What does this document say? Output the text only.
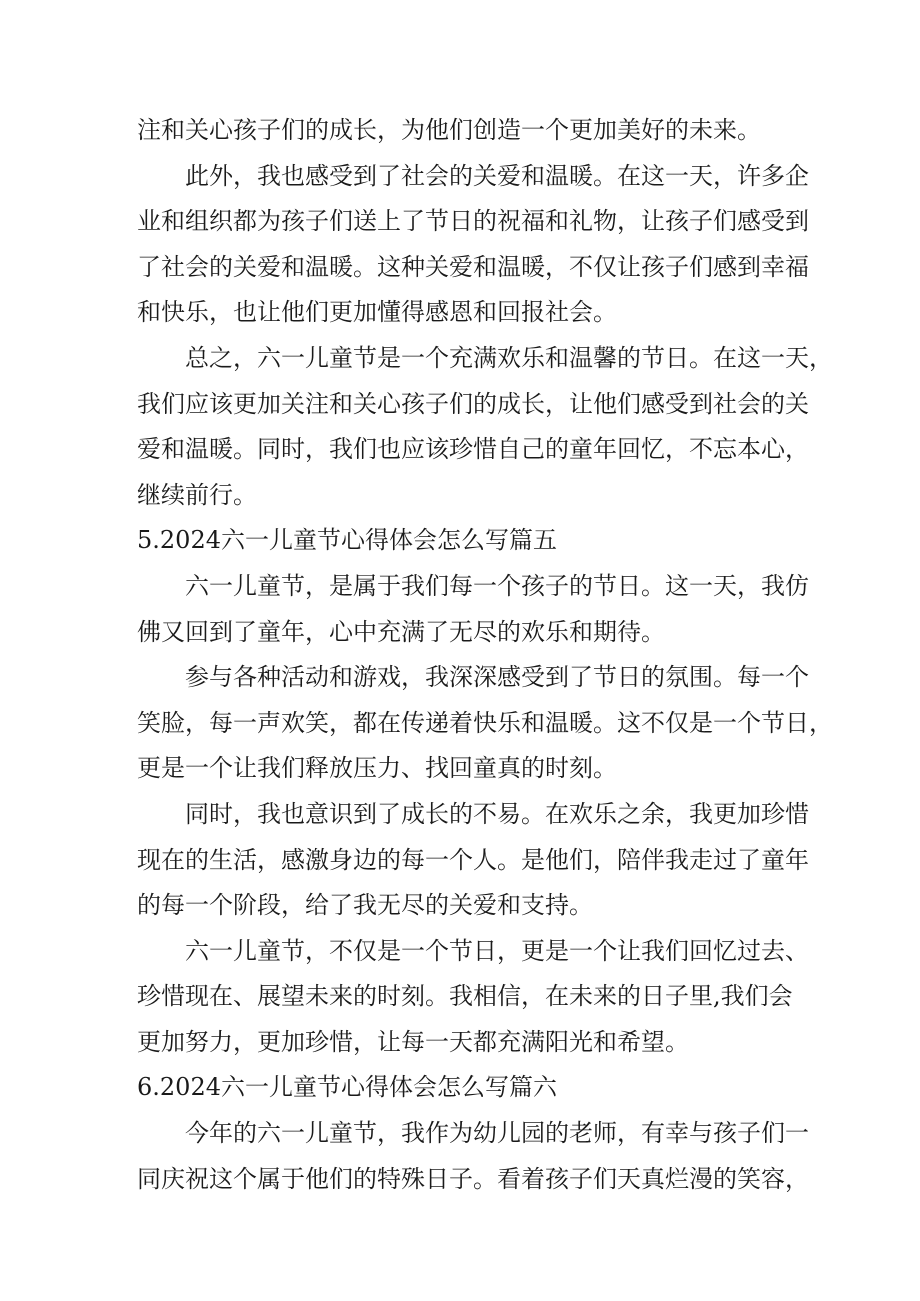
注和关心孩子们的成长，为他们创造一个更加美好的未来。
此外，我也感受到了社会的关爱和温暖。在这一天，许多企
业和组织都为孩子们送上了节日的祝福和礼物，让孩子们感受到
了社会的关爱和温暖。这种关爱和温暖，不仅让孩子们感到幸福
和快乐，也让他们更加懂得感恩和回报社会。
总之，六一儿童节是一个充满欢乐和温馨的节日。在这一天，
我们应该更加关注和关心孩子们的成长，让他们感受到社会的关
爱和温暖。同时，我们也应该珍惜自己的童年回忆，不忘本心，
继续前行。
5.2024六一儿童节心得体会怎么写篇五
六一儿童节，是属于我们每一个孩子的节日。这一天，我仿
佛又回到了童年，心中充满了无尽的欢乐和期待。
参与各种活动和游戏，我深深感受到了节日的氛围。每一个
笑脸，每一声欢笑，都在传递着快乐和温暖。这不仅是一个节日，
更是一个让我们释放压力、找回童真的时刻。
同时，我也意识到了成长的不易。在欢乐之余，我更加珍惜
现在的生活，感激身边的每一个人。是他们，陪伴我走过了童年
的每一个阶段，给了我无尽的关爱和支持。
六一儿童节，不仅是一个节日，更是一个让我们回忆过去、
珍惜现在、展望未来的时刻。我相信，在未来的日子里,我们会
更加努力，更加珍惜，让每一天都充满阳光和希望。
6.2024六一儿童节心得体会怎么写篇六
今年的六一儿童节，我作为幼儿园的老师，有幸与孩子们一
同庆祝这个属于他们的特殊日子。看着孩子们天真烂漫的笑容，
